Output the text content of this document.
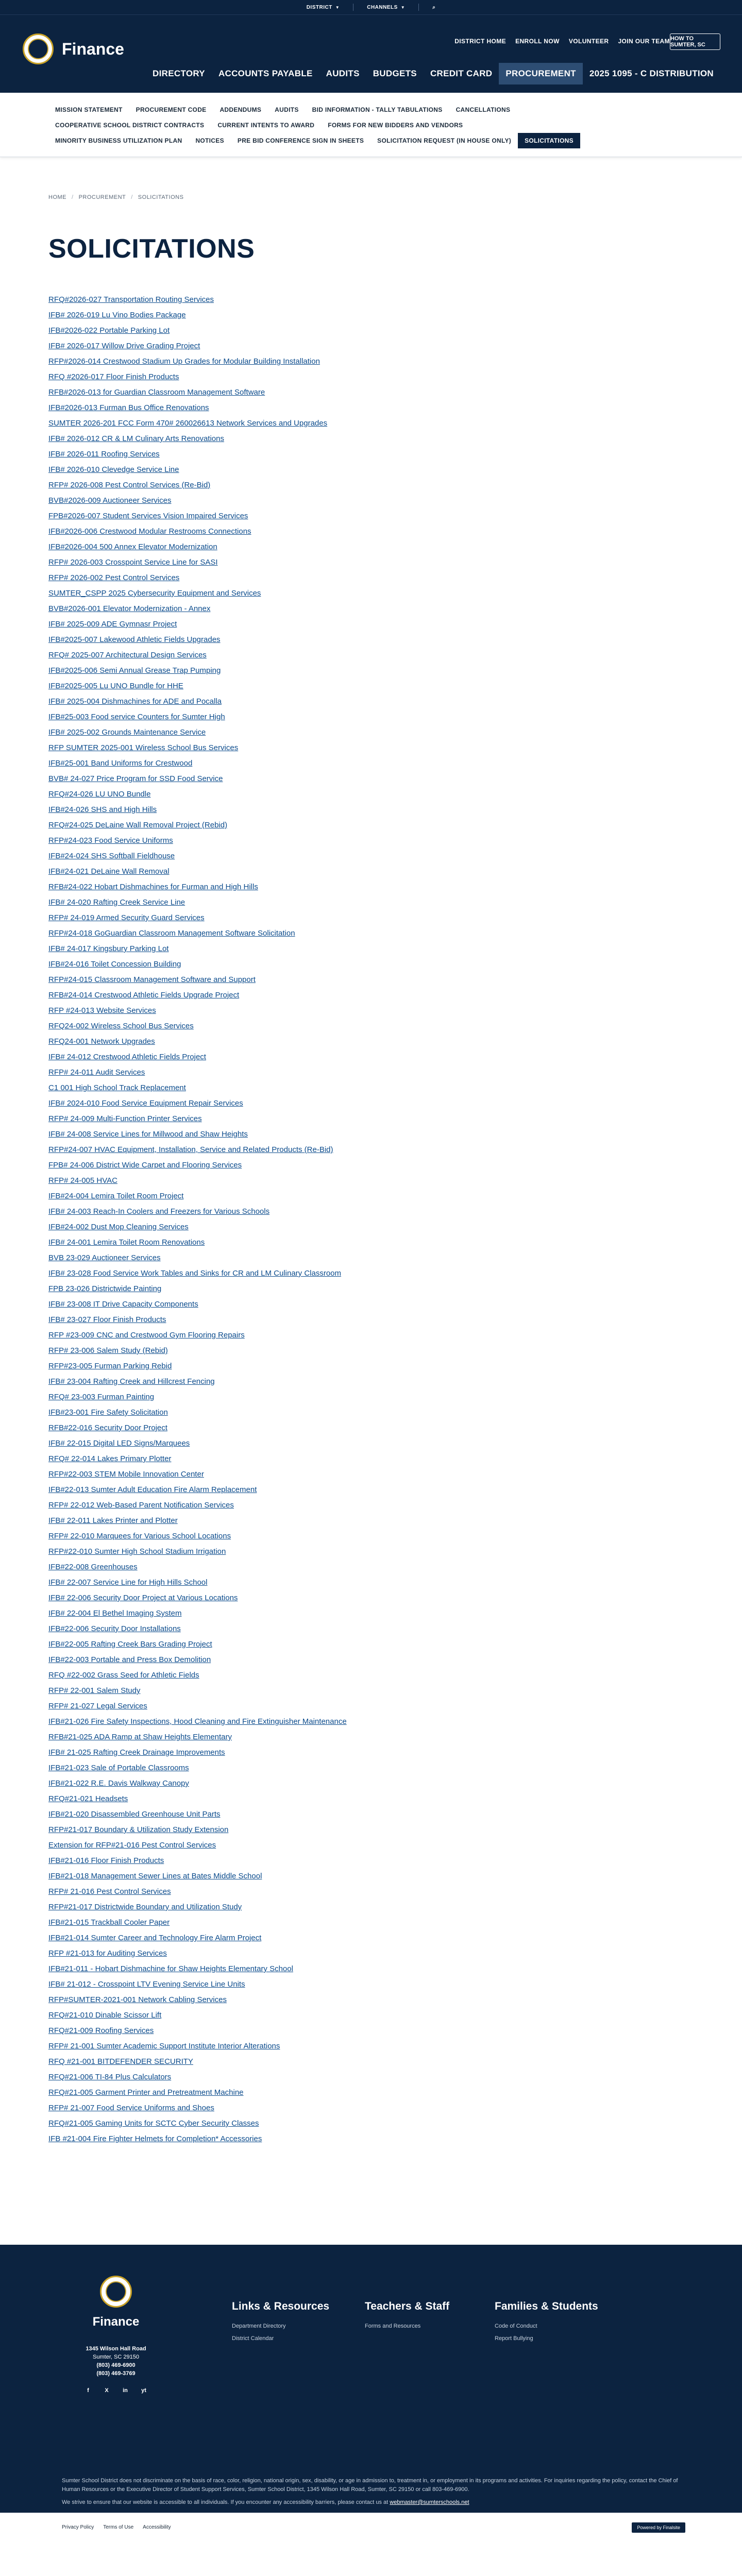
DISTRICT ▼	CHANNELS ▼	⌕
Finance	DISTRICT HOME ENROLL NOW VOLUNTEER JOIN OUR TEAM HOW TO SUMTER, SC
DIRECTORY	ACCOUNTS PAYABLE	AUDITS	BUDGETS	CREDIT CARD	PROCUREMENT	2025 1095 - C DISTRIBUTION
MISSION STATEMENT	PROCUREMENT CODE	ADDENDUMS	AUDITS	BID INFORMATION - TALLY TABULATIONS	CANCELLATIONS
COOPERATIVE SCHOOL DISTRICT CONTRACTS	CURRENT INTENTS TO AWARD	FORMS FOR NEW BIDDERS AND VENDORS
MINORITY BUSINESS UTILIZATION PLAN	NOTICES	PRE BID CONFERENCE SIGN IN SHEETS	SOLICITATION REQUEST (IN HOUSE ONLY)	SOLICITATIONS
HOME / PROCUREMENT / SOLICITATIONS
SOLICITATIONS
RFQ#2026-027 Transportation Routing Services
IFB# 2026-019 Lu Vino Bodies Package
IFB#2026-022 Portable Parking Lot
IFB# 2026-017 Willow Drive Grading Project
RFP#2026-014 Crestwood Stadium Up Grades for Modular Building Installation
RFQ #2026-017 Floor Finish Products
RFB#2026-013 for Guardian Classroom Management Software
IFB#2026-013 Furman Bus Office Renovations
SUMTER 2026-201 FCC Form 470# 260026613 Network Services and Upgrades
IFB# 2026-012 CR & LM Culinary Arts Renovations
IFB# 2026-011 Roofing Services
IFB# 2026-010 Clevedge Service Line
RFP# 2026-008 Pest Control Services (Re-Bid)
BVB#2026-009 Auctioneer Services
FPB#2026-007 Student Services Vision Impaired Services
IFB#2026-006 Crestwood Modular Restrooms Connections
IFB#2026-004 500 Annex Elevator Modernization
RFP# 2026-003 Crosspoint Service Line for SASI
RFP# 2026-002 Pest Control Services
SUMTER_CSPP 2025 Cybersecurity Equipment and Services
BVB#2026-001 Elevator Modernization - Annex
IFB# 2025-009 ADE Gymnasr Project
IFB#2025-007 Lakewood Athletic Fields Upgrades
RFQ# 2025-007 Architectural Design Services
IFB#2025-006 Semi Annual Grease Trap Pumping
IFB#2025-005 Lu UNO Bundle for HHE
IFB# 2025-004 Dishmachines for ADE and Pocalla
IFB#25-003 Food service Counters for Sumter High
IFB# 2025-002 Grounds Maintenance Service
RFP SUMTER 2025-001 Wireless School Bus Services
IFB#25-001 Band Uniforms for Crestwood
BVB# 24-027 Price Program for SSD Food Service
RFQ#24-026 LU UNO Bundle
IFB#24-026 SHS and High Hills
RFQ#24-025 DeLaine Wall Removal Project (Rebid)
RFP#24-023 Food Service Uniforms
IFB#24-024 SHS Softball Fieldhouse
IFB#24-021 DeLaine Wall Removal
RFB#24-022 Hobart Dishmachines for Furman and High Hills
IFB# 24-020 Rafting Creek Service Line
RFP# 24-019 Armed Security Guard Services
RFP#24-018 GoGuardian Classroom Management Software Solicitation
IFB# 24-017 Kingsbury Parking Lot
IFB#24-016 Toilet Concession Building
RFP#24-015 Classroom Management Software and Support
RFB#24-014 Crestwood Athletic Fields Upgrade Project
RFP #24-013 Website Services
RFQ24-002 Wireless School Bus Services
RFQ24-001 Network Upgrades
IFB# 24-012 Crestwood Athletic Fields Project
RFP# 24-011 Audit Services
C1 001 High School Track Replacement
IFB# 2024-010 Food Service Equipment Repair Services
RFP# 24-009 Multi-Function Printer Services
IFB# 24-008 Service Lines for Millwood and Shaw Heights
RFP#24-007 HVAC Equipment, Installation, Service and Related Products (Re-Bid)
FPB# 24-006 District Wide Carpet and Flooring Services
RFP# 24-005 HVAC
IFB#24-004 Lemira Toilet Room Project
IFB# 24-003 Reach-In Coolers and Freezers for Various Schools
IFB#24-002 Dust Mop Cleaning Services
IFB# 24-001 Lemira Toilet Room Renovations
BVB 23-029 Auctioneer Services
IFB# 23-028 Food Service Work Tables and Sinks for CR and LM Culinary Classroom
FPB 23-026 Districtwide Painting
IFB# 23-008 IT Drive Capacity Components
IFB# 23-027 Floor Finish Products
RFP #23-009 CNC and Crestwood Gym Flooring Repairs
RFP# 23-006 Salem Study (Rebid)
RFP#23-005 Furman Parking Rebid
IFB# 23-004 Rafting Creek and Hillcrest Fencing
RFQ# 23-003 Furman Painting
IFB#23-001 Fire Safety Solicitation
RFB#22-016 Security Door Project
IFB# 22-015 Digital LED Signs/Marquees
RFQ# 22-014 Lakes Primary Plotter
RFP#22-003 STEM Mobile Innovation Center
IFB#22-013 Sumter Adult Education Fire Alarm Replacement
RFP# 22-012 Web-Based Parent Notification Services
IFB# 22-011 Lakes Printer and Plotter
RFP# 22-010 Marquees for Various School Locations
RFP#22-010 Sumter High School Stadium Irrigation
IFB#22-008 Greenhouses
IFB# 22-007 Service Line for High Hills School
IFB# 22-006 Security Door Project at Various Locations
IFB# 22-004 El Bethel Imaging System
IFB#22-006 Security Door Installations
IFB#22-005 Rafting Creek Bars Grading Project
IFB#22-003 Portable and Press Box Demolition
RFQ #22-002 Grass Seed for Athletic Fields
RFP# 22-001 Salem Study
RFP# 21-027 Legal Services
IFB#21-026 Fire Safety Inspections, Hood Cleaning and Fire Extinguisher Maintenance
RFB#21-025 ADA Ramp at Shaw Heights Elementary
IFB# 21-025 Rafting Creek Drainage Improvements
IFB#21-023 Sale of Portable Classrooms
IFB#21-022 R.E. Davis Walkway Canopy
RFQ#21-021 Headsets
IFB#21-020 Disassembled Greenhouse Unit Parts
RFP#21-017 Boundary & Utilization Study Extension
Extension for RFP#21-016 Pest Control Services
IFB#21-016 Floor Finish Products
IFB#21-018 Management Sewer Lines at Bates Middle School
RFP# 21-016 Pest Control Services
RFP#21-017 Districtwide Boundary and Utilization Study
IFB#21-015 Trackball Cooler Paper
IFB#21-014 Sumter Career and Technology Fire Alarm Project
RFP #21-013 for Auditing Services
IFB#21-011 - Hobart Dishmachine for Shaw Heights Elementary School
IFB# 21-012 - Crosspoint LTV Evening Service Line Units
RFP#SUMTER-2021-001 Network Cabling Services
RFQ#21-010 Dinable Scissor Lift
RFQ#21-009 Roofing Services
RFP# 21-001 Sumter Academic Support Institute Interior Alterations
RFQ #21-001 BITDEFENDER SECURITY
RFQ#21-006 TI-84 Plus Calculators
RFQ#21-005 Garment Printer and Pretreatment Machine
RFP# 21-007 Food Service Uniforms and Shoes
RFQ#21-005 Gaming Units for SCTC Cyber Security Classes
IFB #21-004 Fire Fighter Helmets for Completion* Accessories
Finance
1345 Wilson Hall Road
Sumter, SC 29150
(803) 469-6900
(803) 469-3769
f	X	in	yt
Links & Resources
Department Directory
District Calendar
Teachers & Staff
Forms and Resources
Families & Students
Code of Conduct
Report Bullying

Sumter School District does not discriminate on the basis of race, color, religion, national origin, sex, disability, or age in admission to, treatment in, or employment in its programs and activities. For inquiries regarding the policy, contact the Chief of Human Resources or the Executive Director of Student Support Services, Sumter School District, 1345 Wilson Hall Road, Sumter, SC 29150 or call 803-469-6900.

We strive to ensure that our website is accessible to all individuals. If you encounter any accessibility barriers, please contact us at webmaster@sumterschools.net

Privacy Policy Terms of Use Accessibility	Powered by Finalsite
